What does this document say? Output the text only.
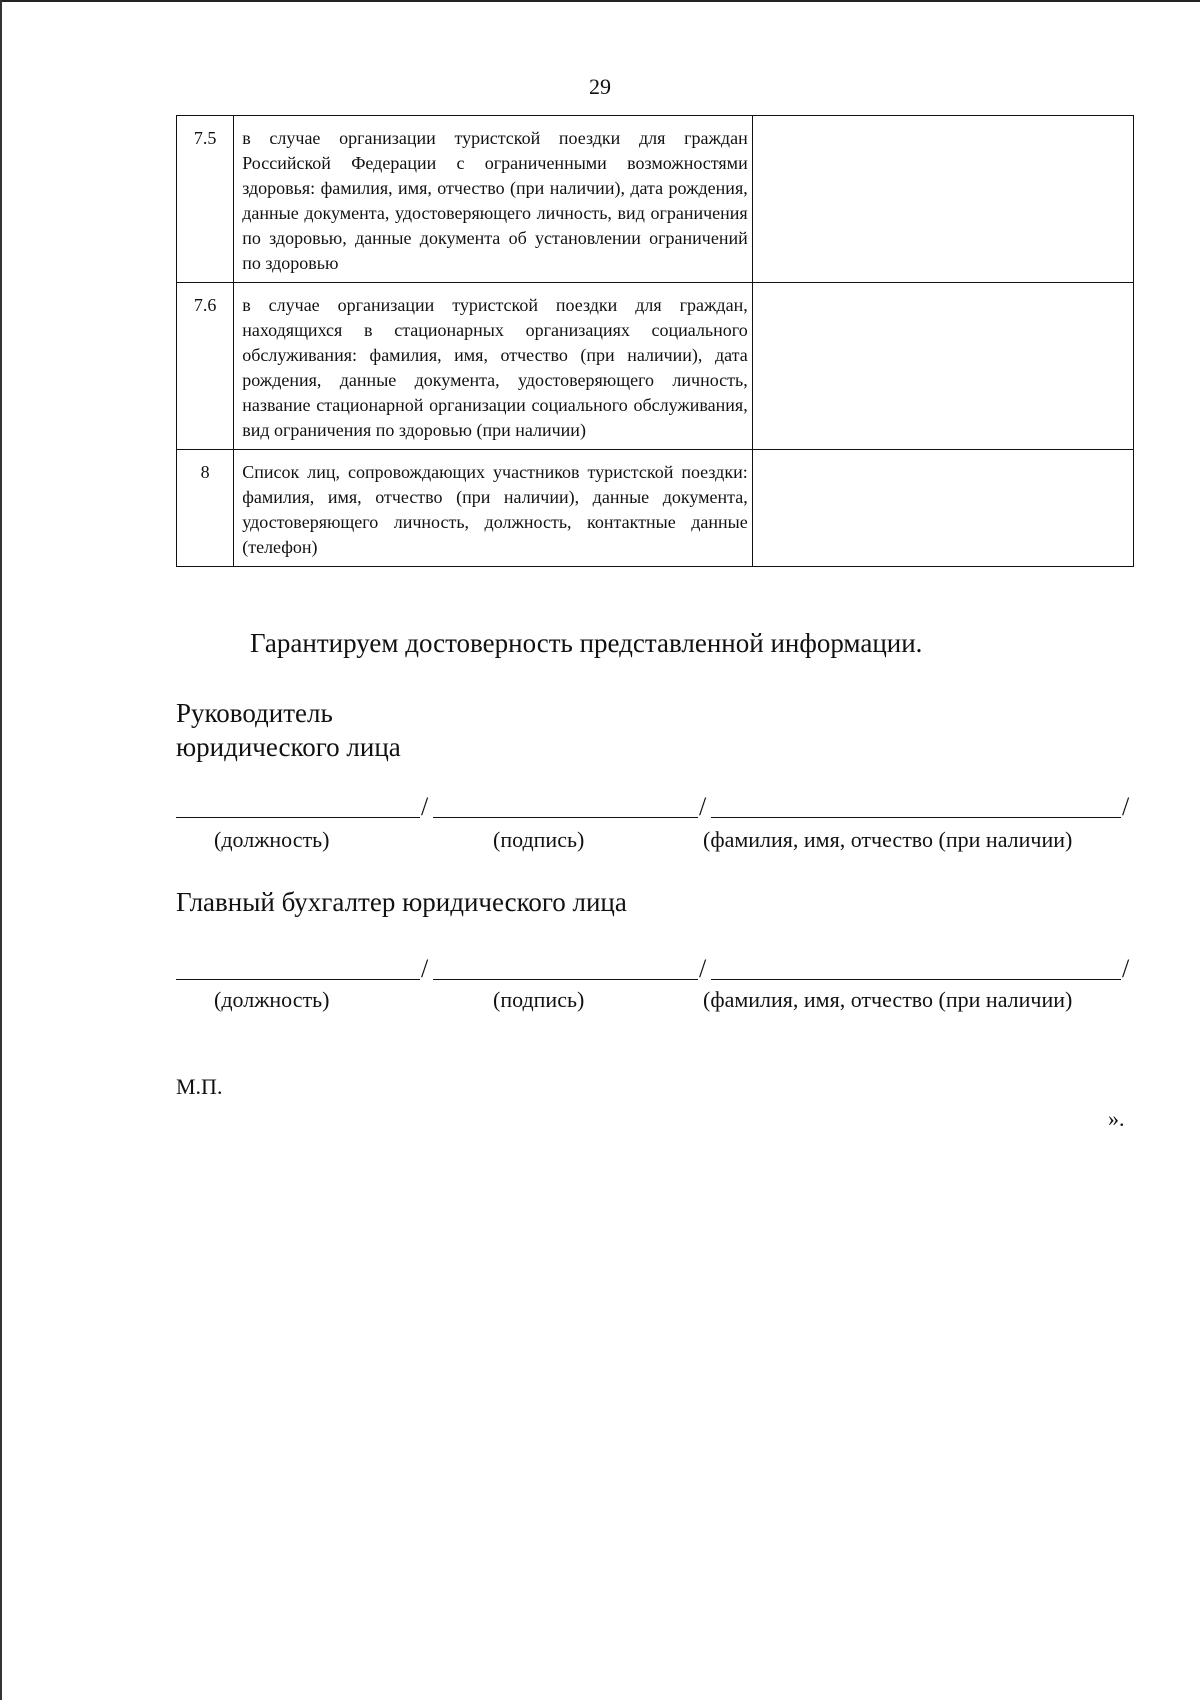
29
7.5	в случае организации туристской поездки для граждан Российской Федерации с ограниченными возможностями здоровья: фамилия, имя, отчество (при наличии), дата рождения, данные документа, удостоверяющего личность, вид ограничения по здоровью, данные документа об установлении ограничений по здоровью	
7.6	в случае организации туристской поездки для граждан, находящихся в стационарных организациях социального обслуживания: фамилия, имя, отчество (при наличии), дата рождения, данные документа, удостоверяющего личность, название стационарной организации социального обслуживания, вид ограничения по здоровью (при наличии)	
8	Список лиц, сопровождающих участников туристской поездки: фамилия, имя, отчество (при наличии), данные документа, удостоверяющего личность, должность, контактные данные (телефон)	
Гарантируем достоверность представленной информации.
Руководитель
юридического лица
/	/	/
(должность)	(подпись)	(фамилия, имя, отчество (при наличии)
Главный бухгалтер юридического лица
/	/	/
(должность)	(подпись)	(фамилия, имя, отчество (при наличии)
М.П.
».
